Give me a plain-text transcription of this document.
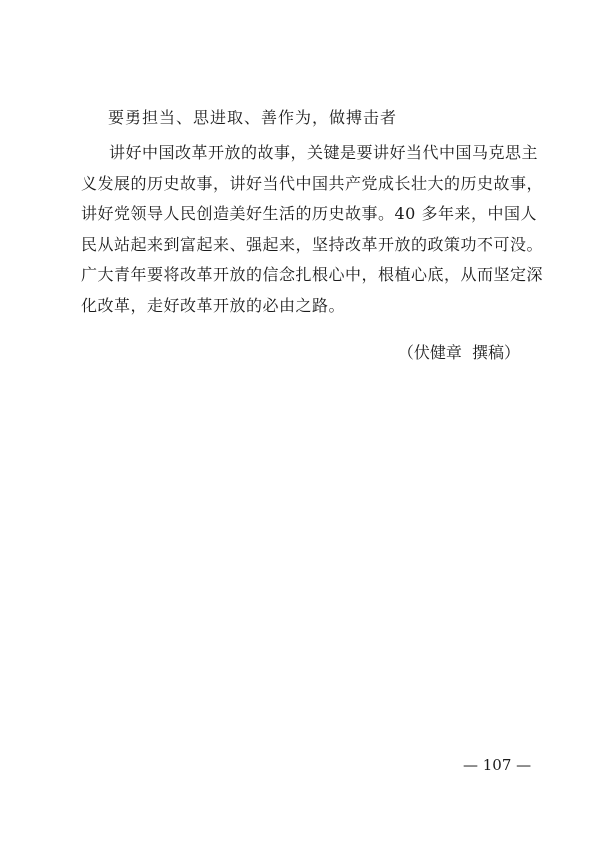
要勇担当、思进取、善作为，做搏击者
讲好中国改革开放的故事，关键是要讲好当代中国马克思主
义发展的历史故事，讲好当代中国共产党成长壮大的历史故事，
讲好党领导人民创造美好生活的历史故事。40 多年来，中国人
民从站起来到富起来、强起来，坚持改革开放的政策功不可没。
广大青年要将改革开放的信念扎根心中，根植心底，从而坚定深
化改革，走好改革开放的必由之路。
（伏健章  撰稿）
— 107 —
